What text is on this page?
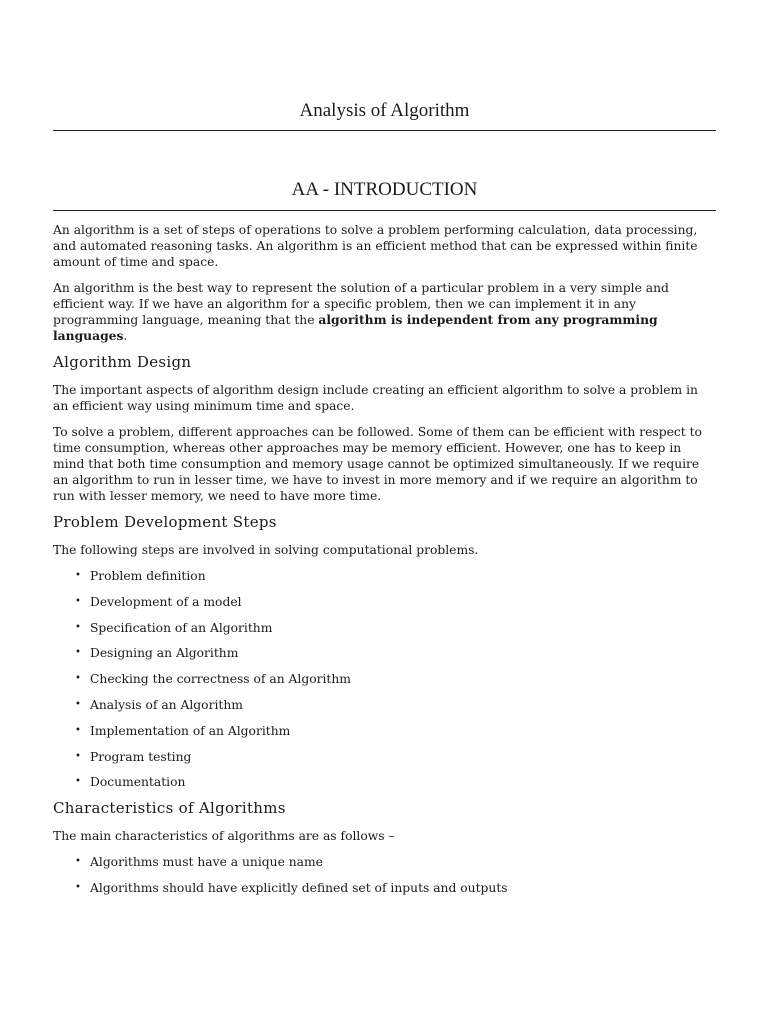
Analysis of Algorithm
AA - INTRODUCTION

An algorithm is a set of steps of operations to solve a problem performing calculation, data processing, and automated reasoning tasks. An algorithm is an efficient method that can be expressed within finite amount of time and space.

An algorithm is the best way to represent the solution of a particular problem in a very simple and efficient way. If we have an algorithm for a specific problem, then we can implement it in any programming language, meaning that the algorithm is independent from any programming languages.

Algorithm Design

The important aspects of algorithm design include creating an efficient algorithm to solve a problem in an efficient way using minimum time and space.

To solve a problem, different approaches can be followed. Some of them can be efficient with respect to time consumption, whereas other approaches may be memory efficient. However, one has to keep in mind that both time consumption and memory usage cannot be optimized simultaneously. If we require an algorithm to run in lesser time, we have to invest in more memory and if we require an algorithm to run with lesser memory, we need to have more time.

Problem Development Steps

The following steps are involved in solving computational problems.

• Problem definition
• Development of a model
• Specification of an Algorithm
• Designing an Algorithm
• Checking the correctness of an Algorithm
• Analysis of an Algorithm
• Implementation of an Algorithm
• Program testing
• Documentation
Characteristics of Algorithms

The main characteristics of algorithms are as follows –

• Algorithms must have a unique name
• Algorithms should have explicitly defined set of inputs and outputs
